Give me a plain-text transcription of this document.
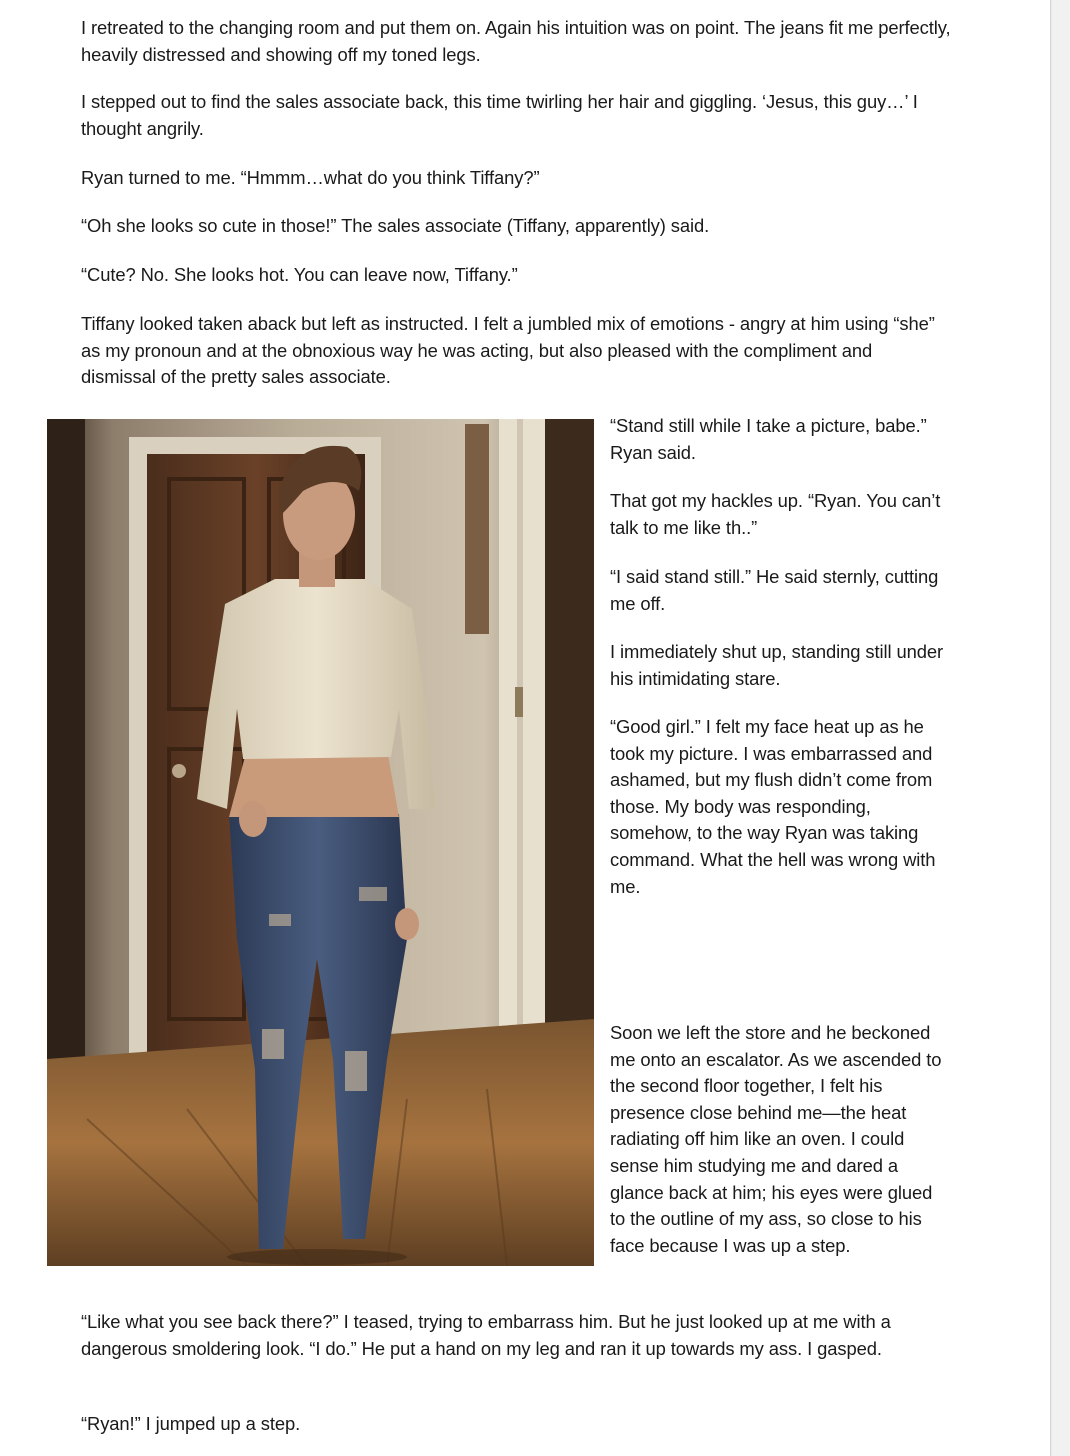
I retreated to the changing room and put them on. Again his intuition was on point. The jeans fit me perfectly, heavily distressed and showing off my toned legs.

I stepped out to find the sales associate back, this time twirling her hair and giggling. ‘Jesus, this guy…’ I thought angrily.

Ryan turned to me. “Hmmm…what do you think Tiffany?”

“Oh she looks so cute in those!” The sales associate (Tiffany, apparently) said.

“Cute? No. She looks hot. You can leave now, Tiffany.”

Tiffany looked taken aback but left as instructed. I felt a jumbled mix of emotions - angry at him using “she” as my pronoun and at the obnoxious way he was acting, but also pleased with the compliment and dismissal of the pretty sales associate.

“Stand still while I take a picture, babe.” Ryan said.

That got my hackles up. “Ryan. You can’t talk to me like th..”

“I said stand still.” He said sternly, cutting me off.

I immediately shut up, standing still under his intimidating stare.

“Good girl.” I felt my face heat up as he took my picture. I was embarrassed and ashamed, but my flush didn’t come from those. My body was responding, somehow, to the way Ryan was taking command. What the hell was wrong with me.

Soon we left the store and he beckoned me onto an escalator. As we ascended to the second floor together, I felt his presence close behind me—the heat radiating off him like an oven. I could sense him studying me and dared a glance back at him; his eyes were glued to the outline of my ass, so close to his face because I was up a step.

“Like what you see back there?” I teased, trying to embarrass him. But he just looked up at me with a dangerous smoldering look. “I do.” He put a hand on my leg and ran it up towards my ass. I gasped.

“Ryan!” I jumped up a step.
